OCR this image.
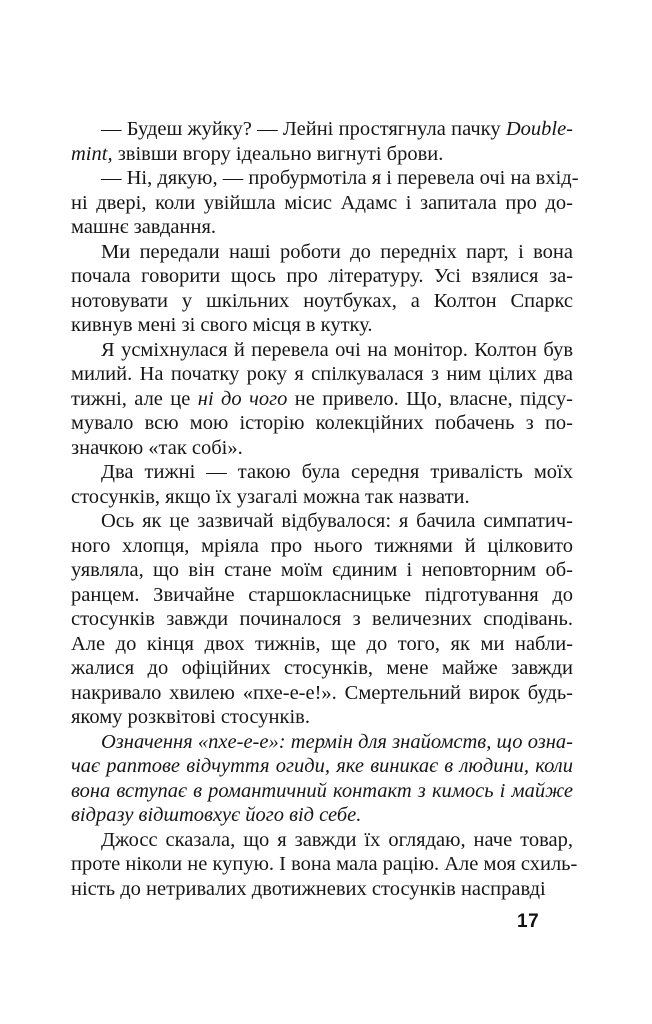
— Будеш жуйку? — Лейні простягнула пачку Double-
mint, звівши вгору ідеально вигнуті брови.
— Ні, дякую, — пробурмотіла я і перевела очі на вхід-
ні двері, коли увійшла місис Адамс і запитала про до-
машнє завдання.
Ми передали наші роботи до передніх парт, і вона
почала говорити щось про літературу. Усі взялися за-
нотовувати у шкільних ноутбуках, а Колтон Спаркс
кивнув мені зі свого місця в кутку.
Я усміхнулася й перевела очі на монітор. Колтон був
милий. На початку року я спілкувалася з ним цілих два
тижні, але це ні до чого не привело. Що, власне, підсу-
мувало всю мою історію колекційних побачень з по-
значкою «так собі».
Два тижні — такою була середня тривалість моїх
стосунків, якщо їх узагалі можна так назвати.
Ось як це зазвичай відбувалося: я бачила симпатич-
ного хлопця, мріяла про нього тижнями й цілковито
уявляла, що він стане моїм єдиним і неповторним об-
ранцем. Звичайне старшокласницьке підготування до
стосунків завжди починалося з величезних сподівань.
Але до кінця двох тижнів, ще до того, як ми набли-
жалися до офіційних стосунків, мене майже завжди
накривало хвилею «пхе-е-е!». Смертельний вирок будь-
якому розквітові стосунків.
Означення «пхе-е-е»: термін для знайомств, що озна-
чає раптове відчуття огиди, яке виникає в людини, коли
вона вступає в романтичний контакт з кимось і майже
відразу відштовхує його від себе.
Джосс сказала, що я завжди їх оглядаю, наче товар,
проте ніколи не купую. І вона мала рацію. Але моя схиль-
ність до нетривалих двотижневих стосунків насправді
17
